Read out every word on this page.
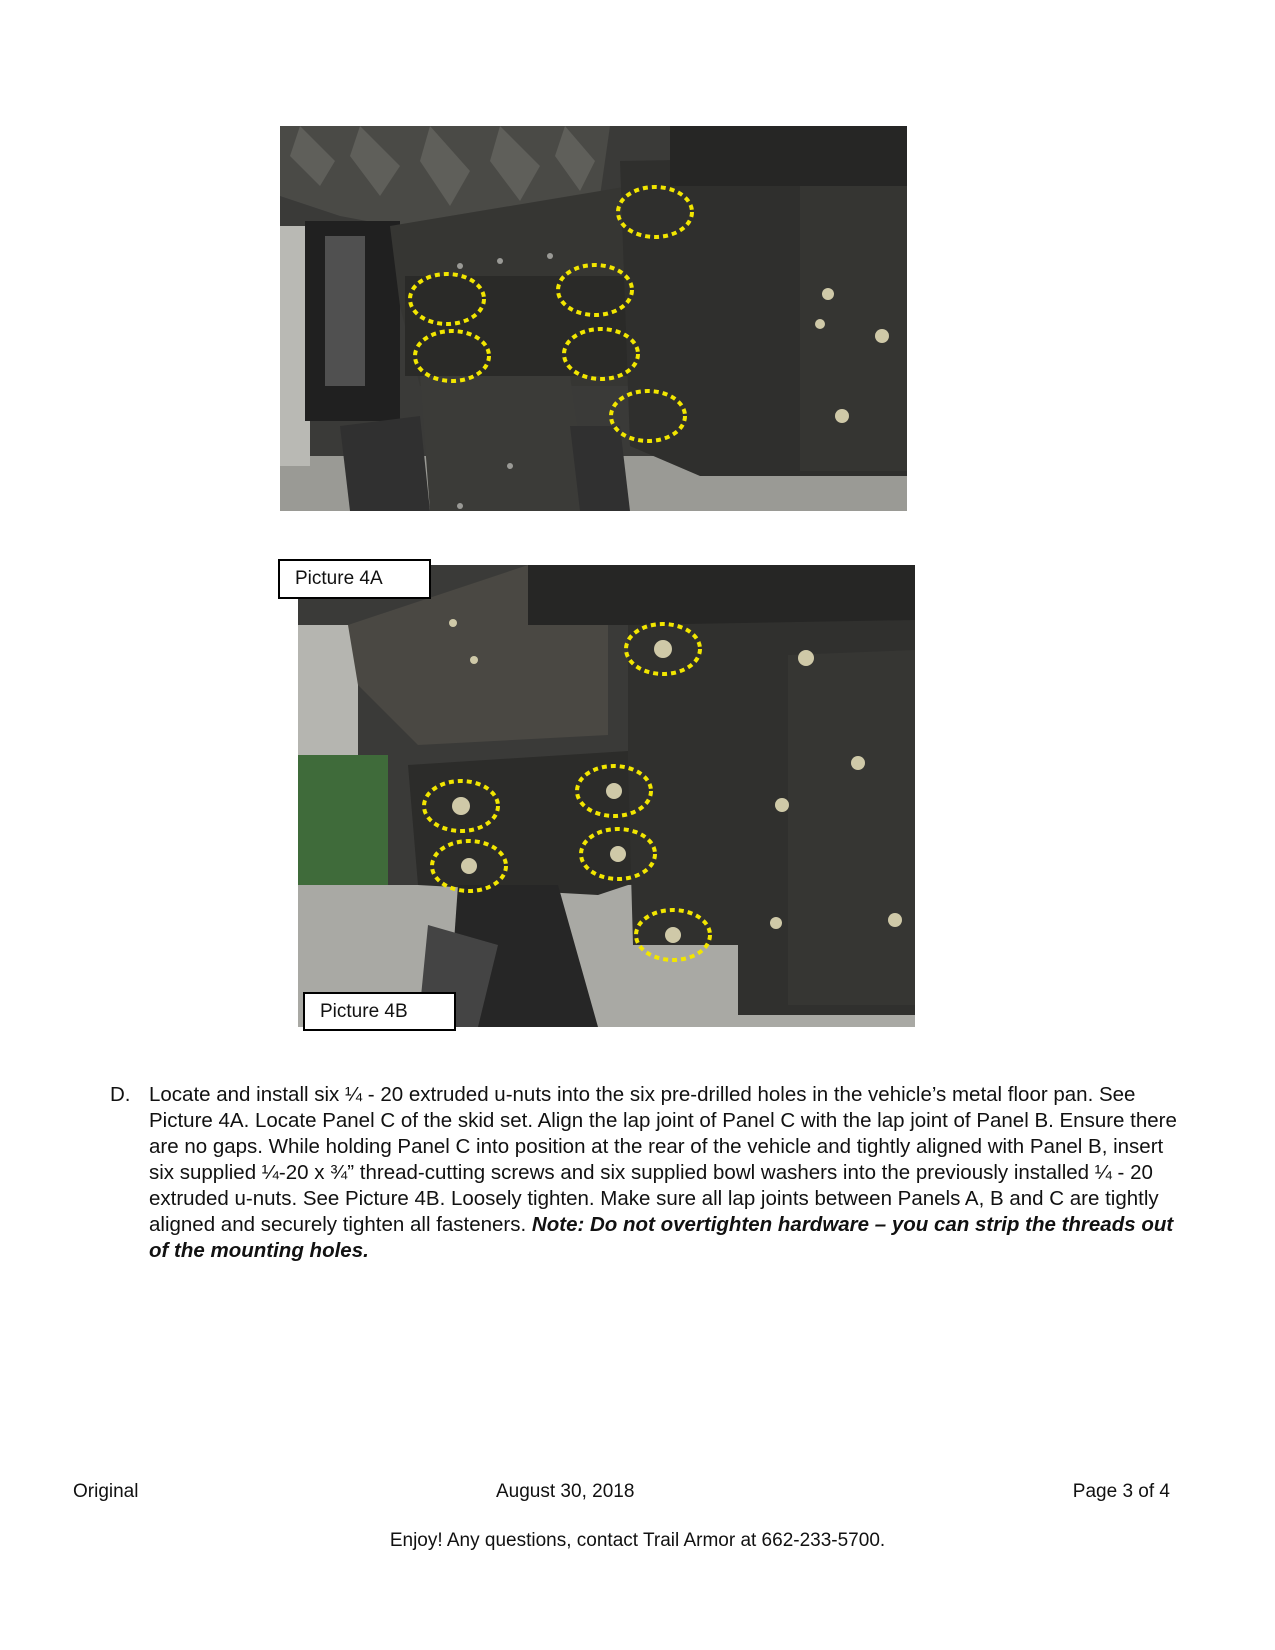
Picture 4A
Picture 4B
D. Locate and install six ¼ - 20 extruded u-nuts into the six pre-drilled holes in the vehicle’s metal floor pan. See Picture 4A. Locate Panel C of the skid set. Align the lap joint of Panel C with the lap joint of Panel B. Ensure there are no gaps. While holding Panel C into position at the rear of the vehicle and tightly aligned with Panel B, insert six supplied ¼-20 x ¾” thread-cutting screws and six supplied bowl washers into the previously installed ¼ - 20 extruded u-nuts. See Picture 4B. Loosely tighten. Make sure all lap joints between Panels A, B and C are tightly aligned and securely tighten all fasteners. Note: Do not overtighten hardware – you can strip the threads out of the mounting holes.
Original	August 30, 2018	Page 3 of 4
Enjoy! Any questions, contact Trail Armor at 662-233-5700.
